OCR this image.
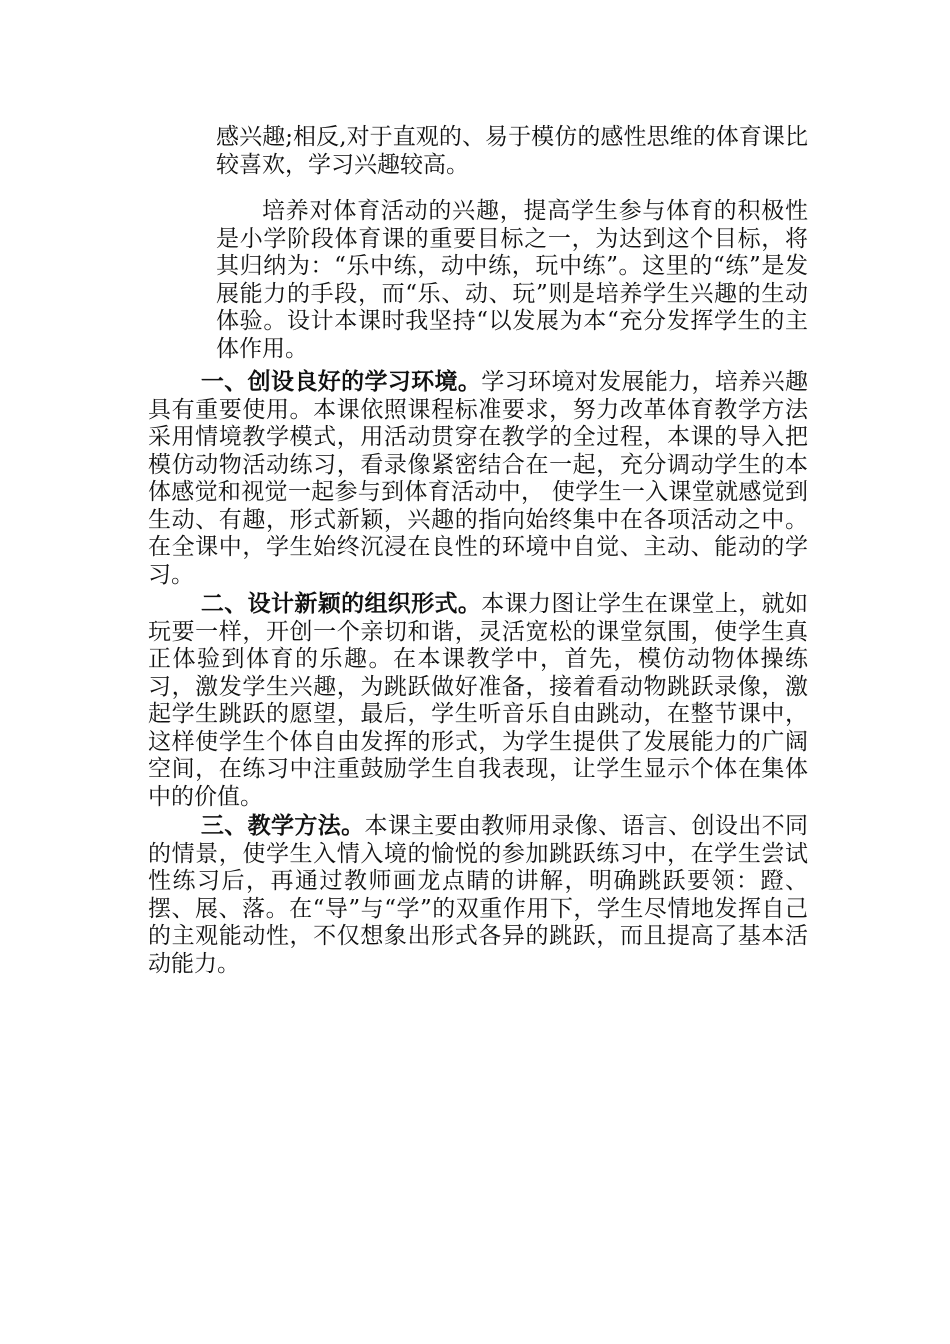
感兴趣;相反,对于直观的、易于模仿的感性思维的体育课比较喜欢，学习兴趣较高。

培养对体育活动的兴趣，提高学生参与体育的积极性是小学阶段体育课的重要目标之一，为达到这个目标，将其归纳为：“乐中练，动中练，玩中练”。这里的“练”是发展能力的手段，而“乐、动、玩”则是培养学生兴趣的生动体验。设计本课时我坚持“以发展为本“充分发挥学生的主体作用。

一、创设良好的学习环境。学习环境对发展能力，培养兴趣具有重要使用。本课依照课程标准要求，努力改革体育教学方法采用情境教学模式，用活动贯穿在教学的全过程，本课的导入把模仿动物活动练习，看录像紧密结合在一起，充分调动学生的本体感觉和视觉一起参与到体育活动中， 使学生一入课堂就感觉到生动、有趣，形式新颖，兴趣的指向始终集中在各项活动之中。在全课中，学生始终沉浸在良性的环境中自觉、主动、能动的学习。

二、设计新颖的组织形式。本课力图让学生在课堂上，就如玩要一样，开创一个亲切和谐，灵活宽松的课堂氛围，使学生真正体验到体育的乐趣。在本课教学中，首先，模仿动物体操练习，激发学生兴趣，为跳跃做好准备，接着看动物跳跃录像，激起学生跳跃的愿望，最后，学生听音乐自由跳动，在整节课中，这样使学生个体自由发挥的形式，为学生提供了发展能力的广阔空间，在练习中注重鼓励学生自我表现，让学生显示个体在集体中的价值。

三、教学方法。本课主要由教师用录像、语言、创设出不同的情景，使学生入情入境的愉悦的参加跳跃练习中，在学生尝试性练习后，再通过教师画龙点睛的讲解，明确跳跃要领：蹬、摆、展、落。在“导”与“学”的双重作用下，学生尽情地发挥自己的主观能动性，不仅想象出形式各异的跳跃，而且提高了基本活动能力。
